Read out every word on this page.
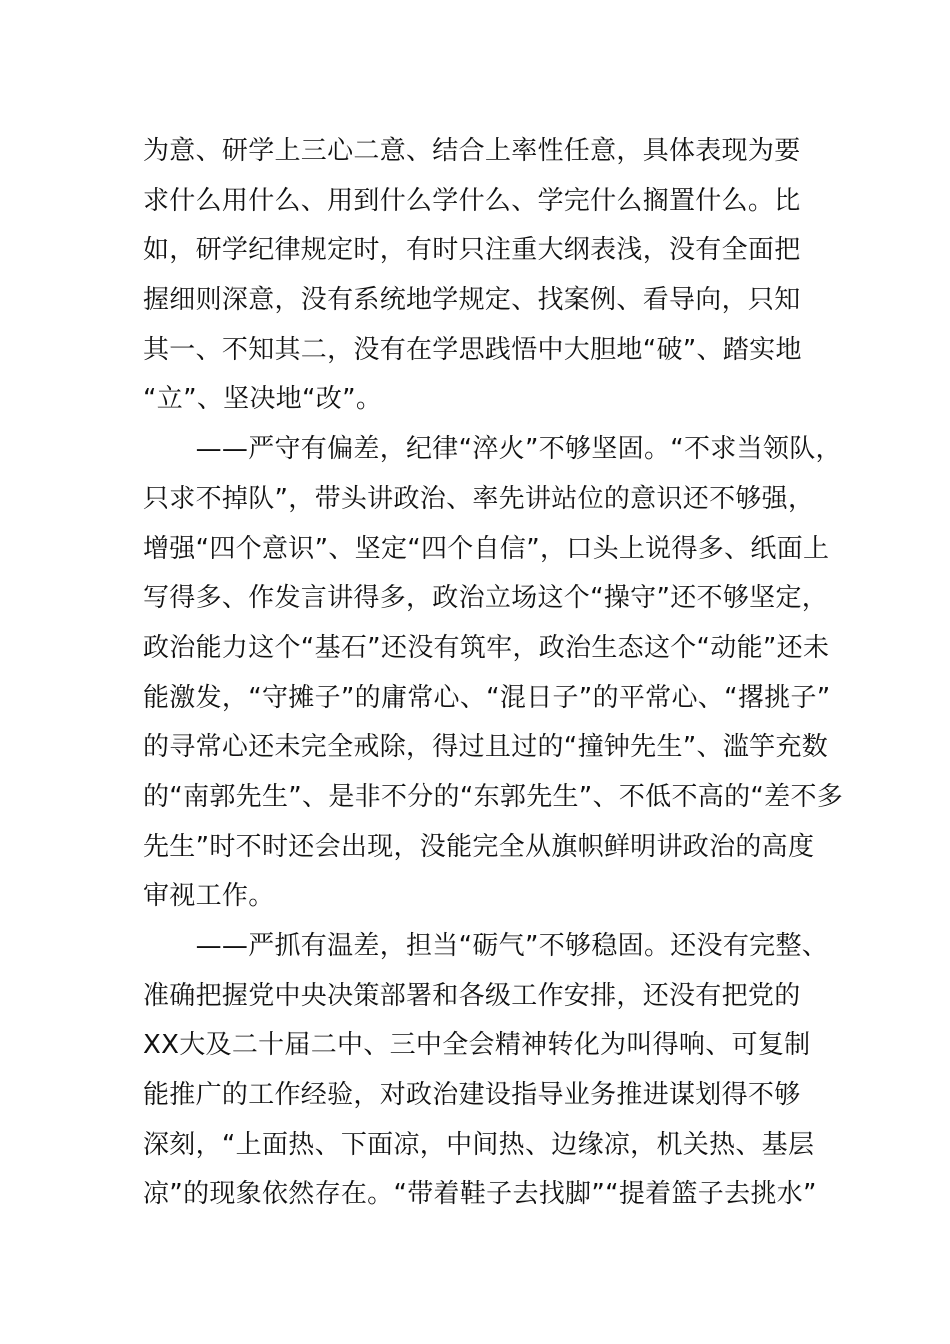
为意、研学上三心二意、结合上率性任意，具体表现为要
求什么用什么、用到什么学什么、学完什么搁置什么。比
如，研学纪律规定时，有时只注重大纲表浅，没有全面把
握细则深意，没有系统地学规定、找案例、看导向，只知
其一、不知其二，没有在学思践悟中大胆地“破”、踏实地
“立”、坚决地“改”。
　　——严守有偏差，纪律“淬火”不够坚固。“不求当领队，
只求不掉队”，带头讲政治、率先讲站位的意识还不够强，
增强“四个意识”、坚定“四个自信”，口头上说得多、纸面上
写得多、作发言讲得多，政治立场这个“操守”还不够坚定，
政治能力这个“基石”还没有筑牢，政治生态这个“动能”还未
能激发，“守摊子”的庸常心、“混日子”的平常心、“撂挑子”
的寻常心还未完全戒除，得过且过的“撞钟先生”、滥竽充数
的“南郭先生”、是非不分的“东郭先生”、不低不高的“差不多
先生”时不时还会出现，没能完全从旗帜鲜明讲政治的高度
审视工作。
　　——严抓有温差，担当“砺气”不够稳固。还没有完整、
准确把握党中央决策部署和各级工作安排，还没有把党的
XX大及二十届二中、三中全会精神转化为叫得响、可复制
能推广的工作经验，对政治建设指导业务推进谋划得不够
深刻，“上面热、下面凉，中间热、边缘凉，机关热、基层
凉”的现象依然存在。“带着鞋子去找脚”“提着篮子去挑水”
